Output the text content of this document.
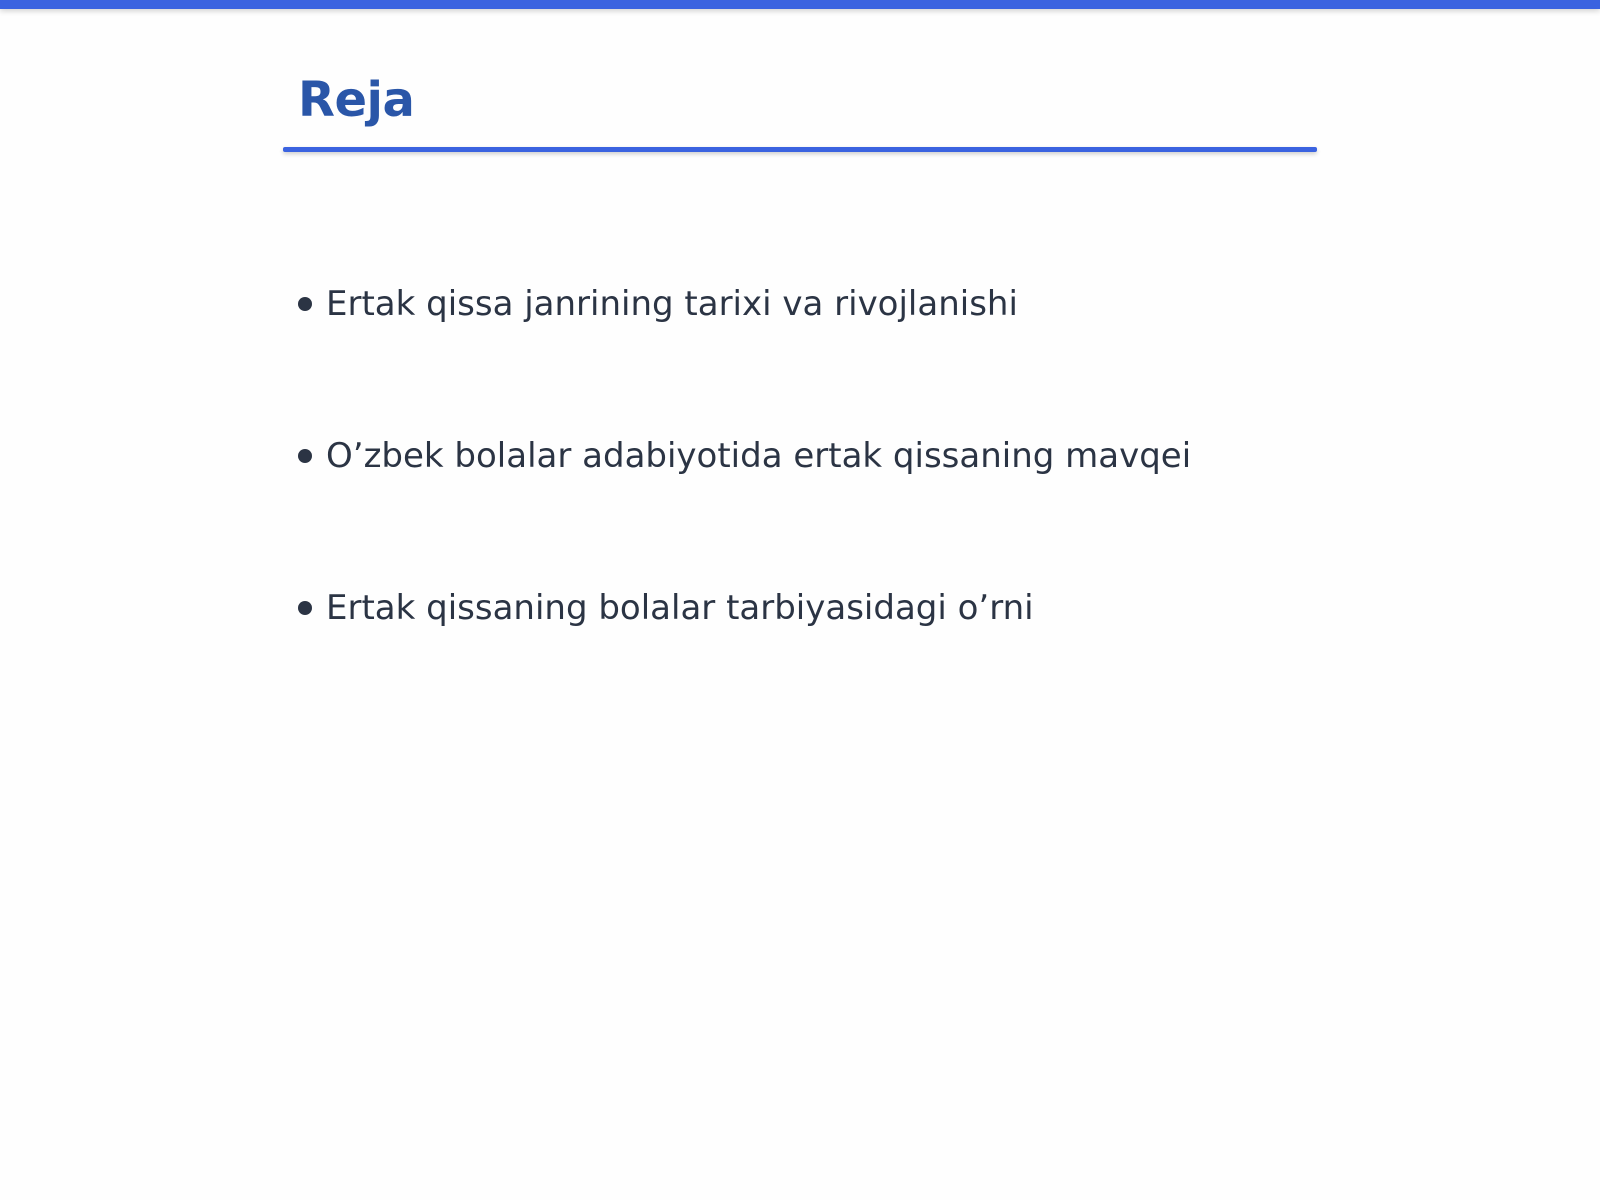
Reja
Ertak qissa janrining tarixi va rivojlanishi
O’zbek bolalar adabiyotida ertak qissaning mavqei
Ertak qissaning bolalar tarbiyasidagi o’rni
